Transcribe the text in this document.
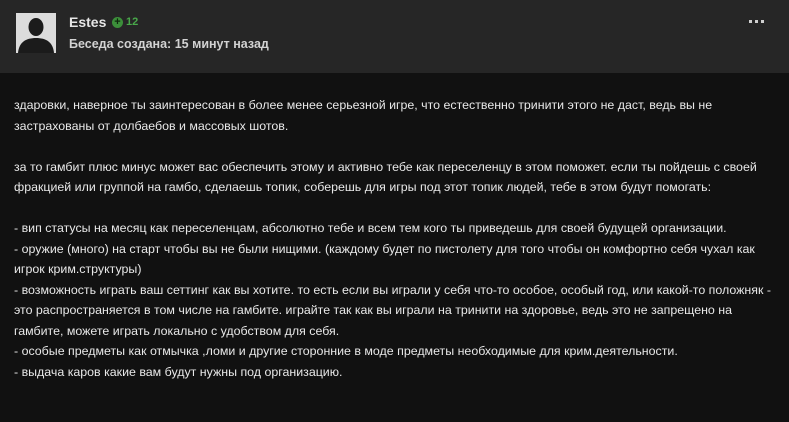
Estes + 12
Беседа создана: 15 минут назад

здаровки, наверное ты заинтересован в более менее серьезной игре, что естественно тринити этого не даст, ведь вы не застрахованы от долбаебов и массовых шотов.

за то гамбит плюс минус может вас обеспечить этому и активно тебе как переселенцу в этом поможет. если ты пойдешь с своей фракцией или группой на гамбо, сделаешь топик, соберешь для игры под этот топик людей, тебе в этом будут помогать:

- вип статусы на месяц как переселенцам, абсолютно тебе и всем тем кого ты приведешь для своей будущей организации.
- оружие (много) на старт чтобы вы не были нищими. (каждому будет по пистолету для того чтобы он комфортно себя чухал как игрок крим.структуры)
- возможность играть ваш сеттинг как вы хотите. то есть если вы играли у себя что-то особое, особый год, или какой-то положняк - это распространяется в том числе на гамбите. играйте так как вы играли на тринити на здоровье, ведь это не запрещено на гамбите, можете играть локально с удобством для себя.
- особые предметы как отмычка ,ломи и другие сторонние в моде предметы необходимые для крим.деятельности.
- выдача каров какие вам будут нужны под организацию.
